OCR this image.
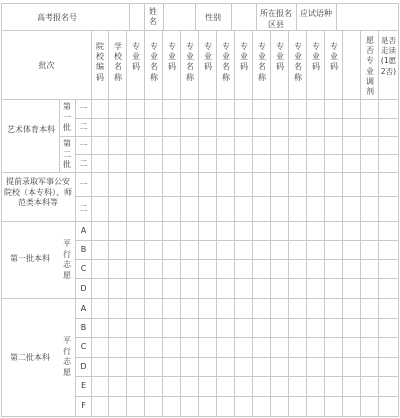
高考报名号
姓名	性别	所在报名区县
应试语种
批次
院校编码
学校名称
专业码
专业名称
专业码
专业名称
专业码
专业名称
专业码
专业名称
专业码
专业名称
专业码
专业码
愿否专业调剂
是否走读(1愿2否)
艺术体育本科
第一批
第二批
一
二
一
二
提前录取军事公安院校（本专科）、师范类本科等
一
二
第一批本科
平行志愿
A
B
C
D
第二批本科
平行志愿
A
B
C
D
E
F
